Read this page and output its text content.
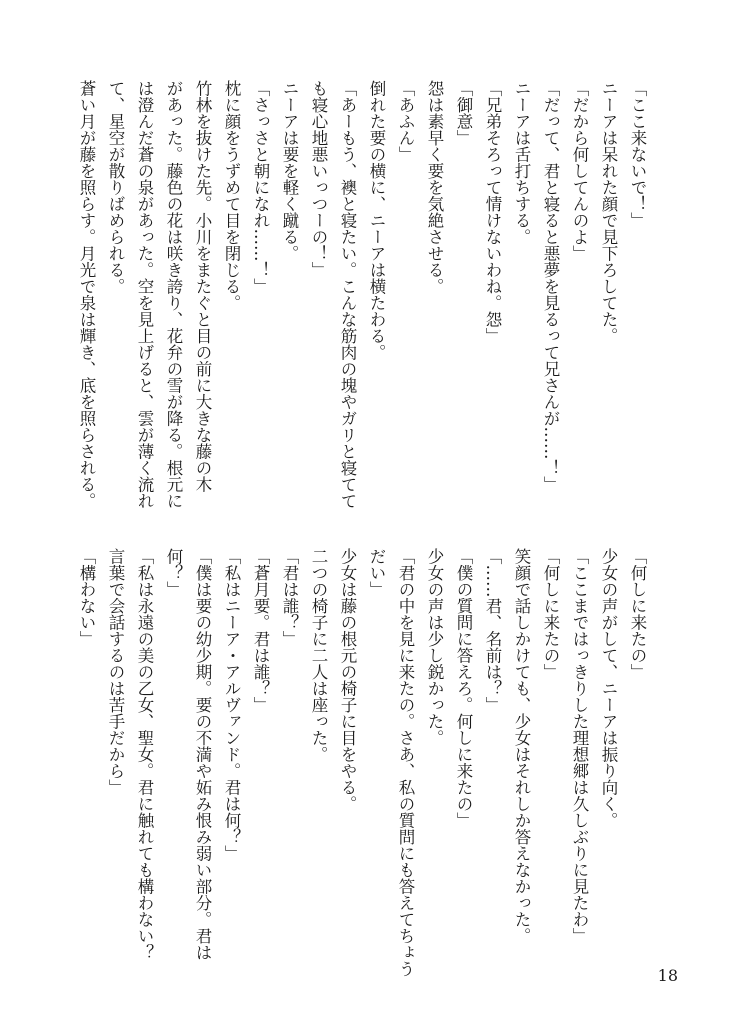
「ここ来ないで！」
ニーアは呆れた顔で見下ろしてた。
「だから何してんのよ」
「だって、君と寝ると悪夢を見るって兄さんが……！」
ニーアは舌打ちする。
「兄弟そろって情けないわね。怨」
「御意」
怨は素早く要を気絶させる。
「あふん」
倒れた要の横に、ニーアは横たわる。
「あーもう、襖と寝たい。こんな筋肉の塊やガリと寝てて
も寝心地悪いっつーの！」
ニーアは要を軽く蹴る。
「さっさと朝になれ……！」
枕に顔をうずめて目を閉じる。
竹林を抜けた先。小川をまたぐと目の前に大きな藤の木
があった。藤色の花は咲き誇り、花弁の雪が降る。根元に
は澄んだ蒼の泉があった。空を見上げると、雲が薄く流れ
て、星空が散りばめられる。
蒼い月が藤を照らす。月光で泉は輝き、底を照らされる。
「何しに来たの」
少女の声がして、ニーアは振り向く。
「ここまではっきりした理想郷は久しぶりに見たわ」
「何しに来たの」
笑顔で話しかけても、少女はそれしか答えなかった。
「……君、名前は？」
「僕の質問に答えろ。何しに来たの」
少女の声は少し鋭かった。
「君の中を見に来たの。さあ、私の質問にも答えてちょう
だい」
少女は藤の根元の椅子に目をやる。
二つの椅子に二人は座った。
「君は誰？」
「蒼月要。君は誰？」
「私はニーア・アルヴァンド。君は何？」
「僕は要の幼少期。要の不満や妬み恨み弱い部分。君は
何？」
「私は永遠の美の乙女、聖女。君に触れても構わない？
言葉で会話するのは苦手だから」
「構わない」
18
